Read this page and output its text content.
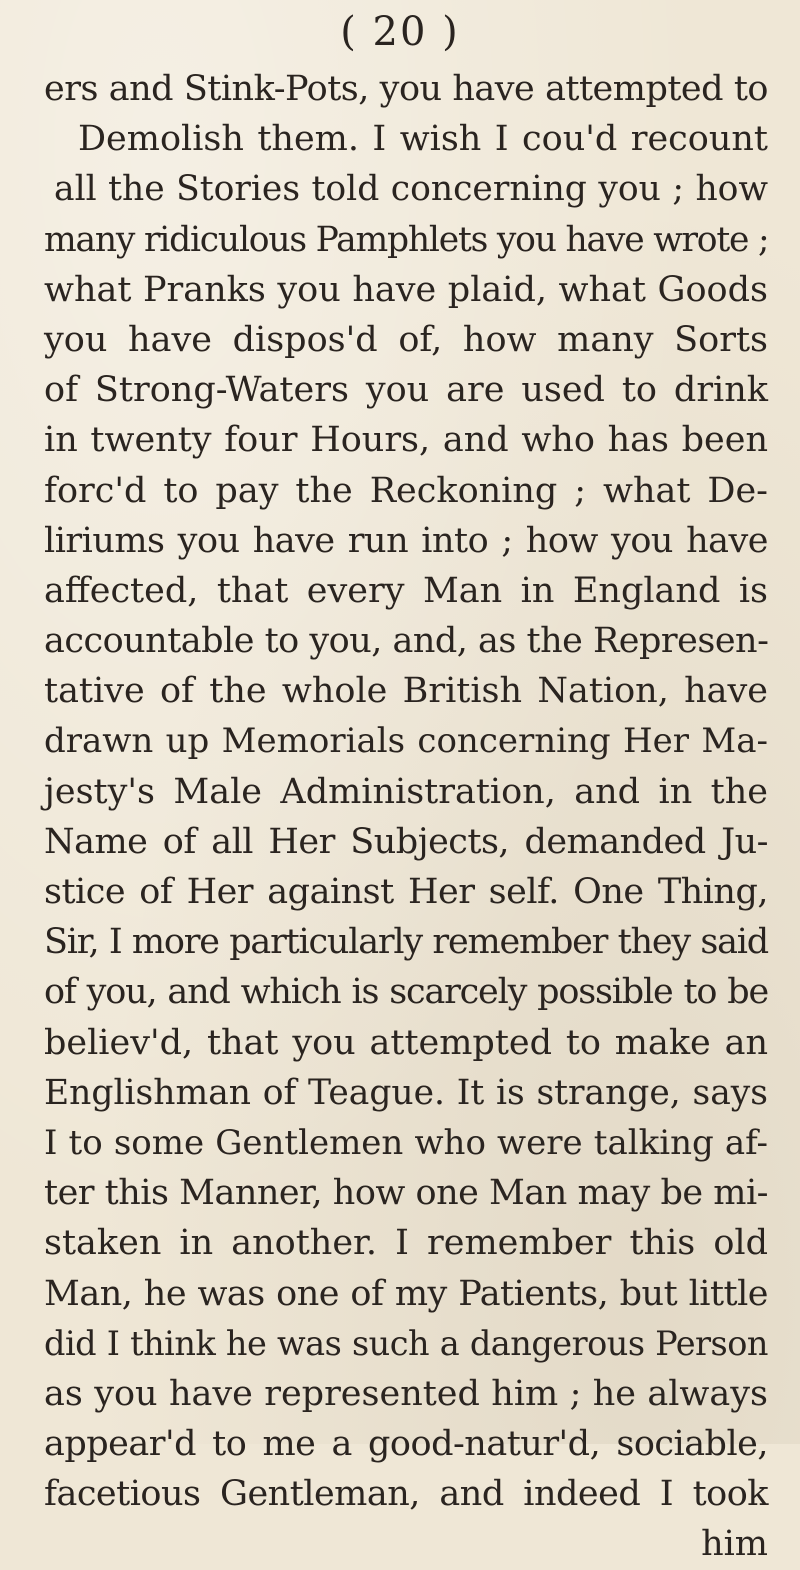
( 20 )
ers and Stink-Pots, you have attempted to
Demolish them. I wish I cou'd recount
all the Stories told concerning you ; how
many ridiculous Pamphlets you have wrote ;
what Pranks you have plaid, what Goods
you have dispos'd of, how many Sorts
of Strong-Waters you are used to drink
in twenty four Hours, and who has been
forc'd to pay the Reckoning ; what De-
liriums you have run into ; how you have
affected, that every Man in England is
accountable to you, and, as the Represen-
tative of the whole British Nation, have
drawn up Memorials concerning Her Ma-
jesty's Male Administration, and in the
Name of all Her Subjects, demanded Ju-
stice of Her against Her self. One Thing,
Sir, I more particularly remember they said
of you, and which is scarcely possible to be
believ'd, that you attempted to make an
Englishman of Teague. It is strange, says
I to some Gentlemen who were talking af-
ter this Manner, how one Man may be mi-
staken in another. I remember this old
Man, he was one of my Patients, but little
did I think he was such a dangerous Person
as you have represented him ; he always
appear'd to me a good-natur'd, sociable,
facetious Gentleman, and indeed I took
him
